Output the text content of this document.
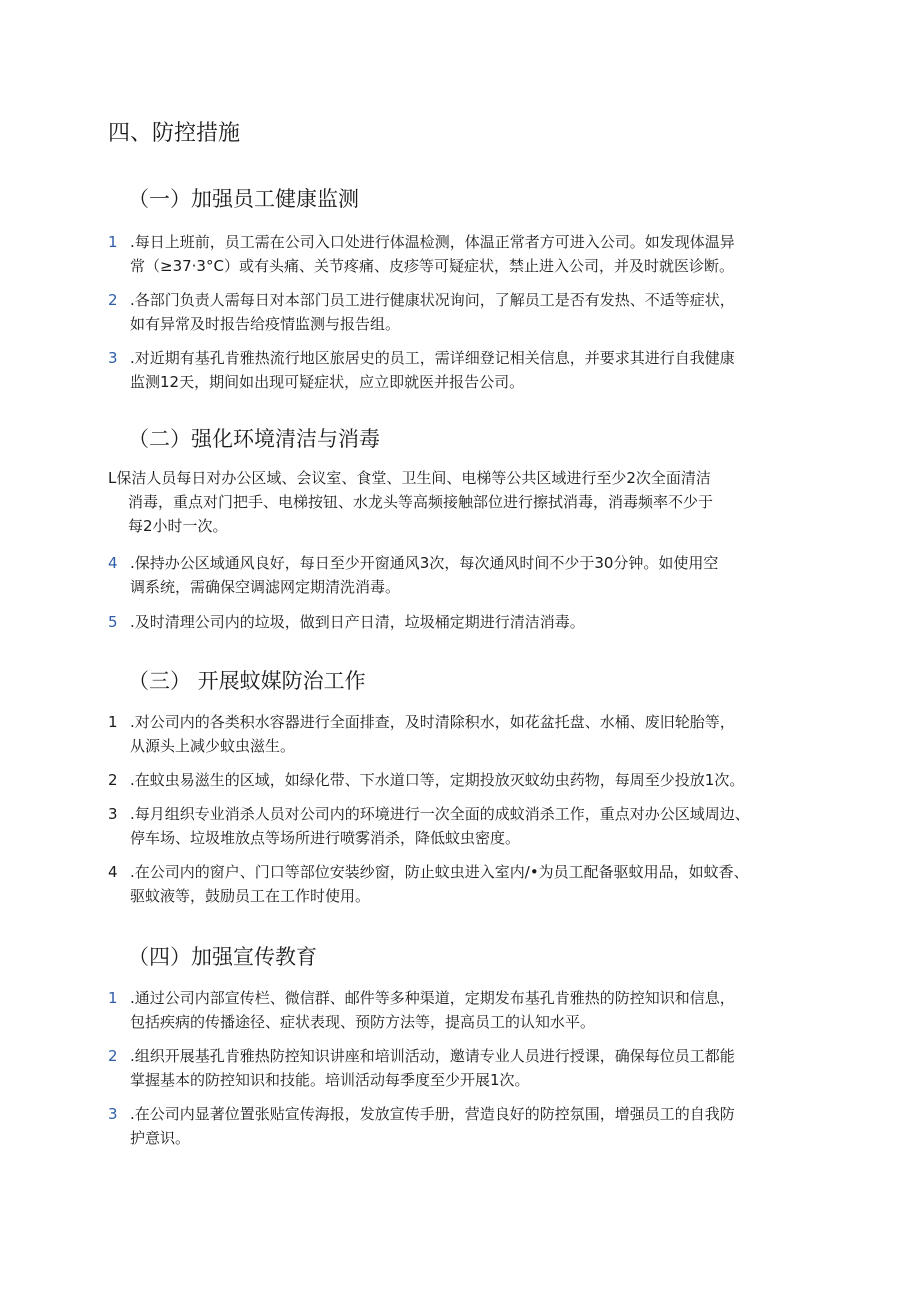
四、防控措施
（一）加强员工健康监测
1 .每日上班前，员工需在公司入口处进行体温检测，体温正常者方可进入公司。如发现体温异
常（≥37·3°C）或有头痛、关节疼痛、皮疹等可疑症状，禁止进入公司，并及时就医诊断。
2 .各部门负责人需每日对本部门员工进行健康状况询问，了解员工是否有发热、不适等症状，
如有异常及时报告给疫情监测与报告组。
3 .对近期有基孔肯雅热流行地区旅居史的员工，需详细登记相关信息，并要求其进行自我健康
监测12天，期间如出现可疑症状，应立即就医并报告公司。
（二）强化环境清洁与消毒
L保洁人员每日对办公区域、会议室、食堂、卫生间、电梯等公共区域进行至少2次全面清洁
消毒，重点对门把手、电梯按钮、水龙头等高频接触部位进行擦拭消毒，消毒频率不少于
每2小时一次。
4 .保持办公区域通风良好，每日至少开窗通风3次，每次通风时间不少于30分钟。如使用空
调系统，需确保空调滤网定期清洗消毒。
5 .及时清理公司内的垃圾，做到日产日清，垃圾桶定期进行清洁消毒。
（三） 开展蚊媒防治工作
1 .对公司内的各类积水容器进行全面排查，及时清除积水，如花盆托盘、水桶、废旧轮胎等，
从源头上减少蚊虫滋生。
2 .在蚊虫易滋生的区域，如绿化带、下水道口等，定期投放灭蚊幼虫药物，每周至少投放1次。
3 .每月组织专业消杀人员对公司内的环境进行一次全面的成蚊消杀工作，重点对办公区域周边、
停车场、垃圾堆放点等场所进行喷雾消杀，降低蚊虫密度。
4 .在公司内的窗户、门口等部位安装纱窗，防止蚊虫进入室内/•为员工配备驱蚊用品，如蚊香、
驱蚊液等，鼓励员工在工作时使用。
（四）加强宣传教育
1 .通过公司内部宣传栏、微信群、邮件等多种渠道，定期发布基孔肯雅热的防控知识和信息，
包括疾病的传播途径、症状表现、预防方法等，提高员工的认知水平。
2 .组织开展基孔肯雅热防控知识讲座和培训活动，邀请专业人员进行授课，确保每位员工都能
掌握基本的防控知识和技能。培训活动每季度至少开展1次。
3 .在公司内显著位置张贴宣传海报，发放宣传手册，营造良好的防控氛围，增强员工的自我防
护意识。
